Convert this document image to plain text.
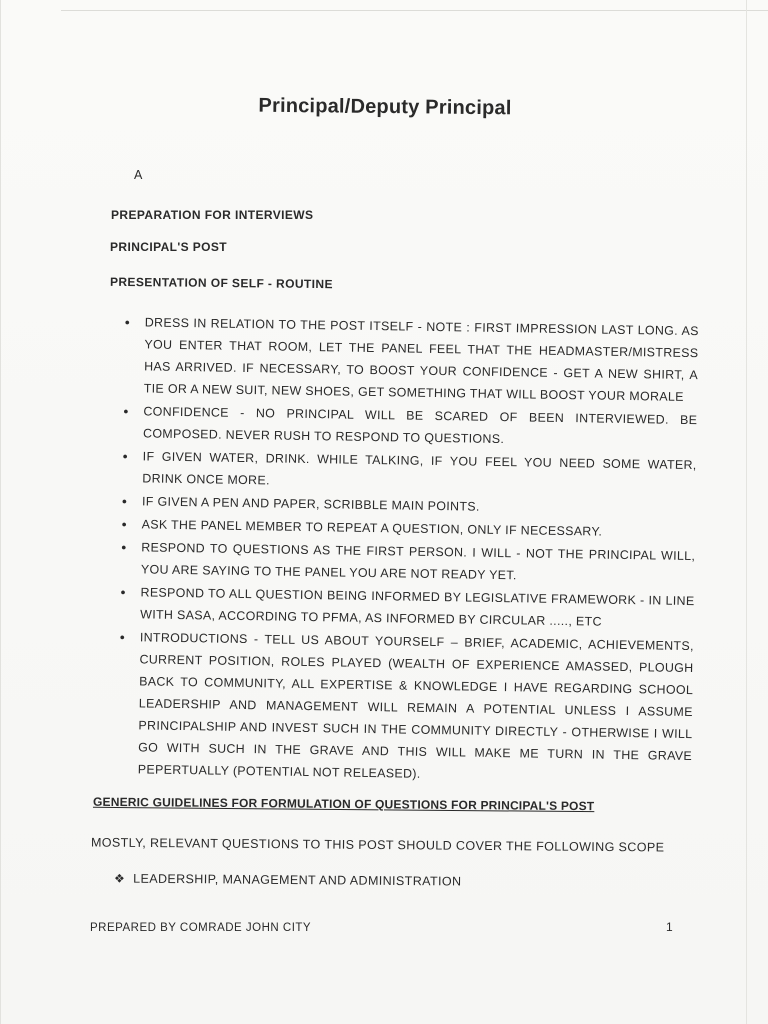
Principal/Deputy Principal
A
PREPARATION FOR INTERVIEWS
PRINCIPAL'S POST
PRESENTATION OF SELF - ROUTINE
• DRESS IN RELATION TO THE POST ITSELF - NOTE : FIRST IMPRESSION LAST LONG. AS YOU ENTER THAT ROOM, LET THE PANEL FEEL THAT THE HEADMASTER/MISTRESS HAS ARRIVED. IF NECESSARY, TO BOOST YOUR CONFIDENCE - GET A NEW SHIRT, A TIE OR A NEW SUIT, NEW SHOES, GET SOMETHING THAT WILL BOOST YOUR MORALE
• CONFIDENCE - NO PRINCIPAL WILL BE SCARED OF BEEN INTERVIEWED. BE COMPOSED. NEVER RUSH TO RESPOND TO QUESTIONS.
• IF GIVEN WATER, DRINK. WHILE TALKING, IF YOU FEEL YOU NEED SOME WATER, DRINK ONCE MORE.
• IF GIVEN A PEN AND PAPER, SCRIBBLE MAIN POINTS.
• ASK THE PANEL MEMBER TO REPEAT A QUESTION, ONLY IF NECESSARY.
• RESPOND TO QUESTIONS AS THE FIRST PERSON. I WILL - NOT THE PRINCIPAL WILL, YOU ARE SAYING TO THE PANEL YOU ARE NOT READY YET.
• RESPOND TO ALL QUESTION BEING INFORMED BY LEGISLATIVE FRAMEWORK - IN LINE WITH SASA, ACCORDING TO PFMA, AS INFORMED BY CIRCULAR ....., ETC
• INTRODUCTIONS - TELL US ABOUT YOURSELF – BRIEF, ACADEMIC, ACHIEVEMENTS, CURRENT POSITION, ROLES PLAYED (WEALTH OF EXPERIENCE AMASSED, PLOUGH BACK TO COMMUNITY, ALL EXPERTISE & KNOWLEDGE I HAVE REGARDING SCHOOL LEADERSHIP AND MANAGEMENT WILL REMAIN A POTENTIAL UNLESS I ASSUME PRINCIPALSHIP AND INVEST SUCH IN THE COMMUNITY DIRECTLY - OTHERWISE I WILL GO WITH SUCH IN THE GRAVE AND THIS WILL MAKE ME TURN IN THE GRAVE PEPERTUALLY (POTENTIAL NOT RELEASED).
GENERIC GUIDELINES FOR FORMULATION OF QUESTIONS FOR PRINCIPAL'S POST
MOSTLY, RELEVANT QUESTIONS TO THIS POST SHOULD COVER THE FOLLOWING SCOPE
❖ LEADERSHIP, MANAGEMENT AND ADMINISTRATION
PREPARED BY COMRADE JOHN CITY	1
